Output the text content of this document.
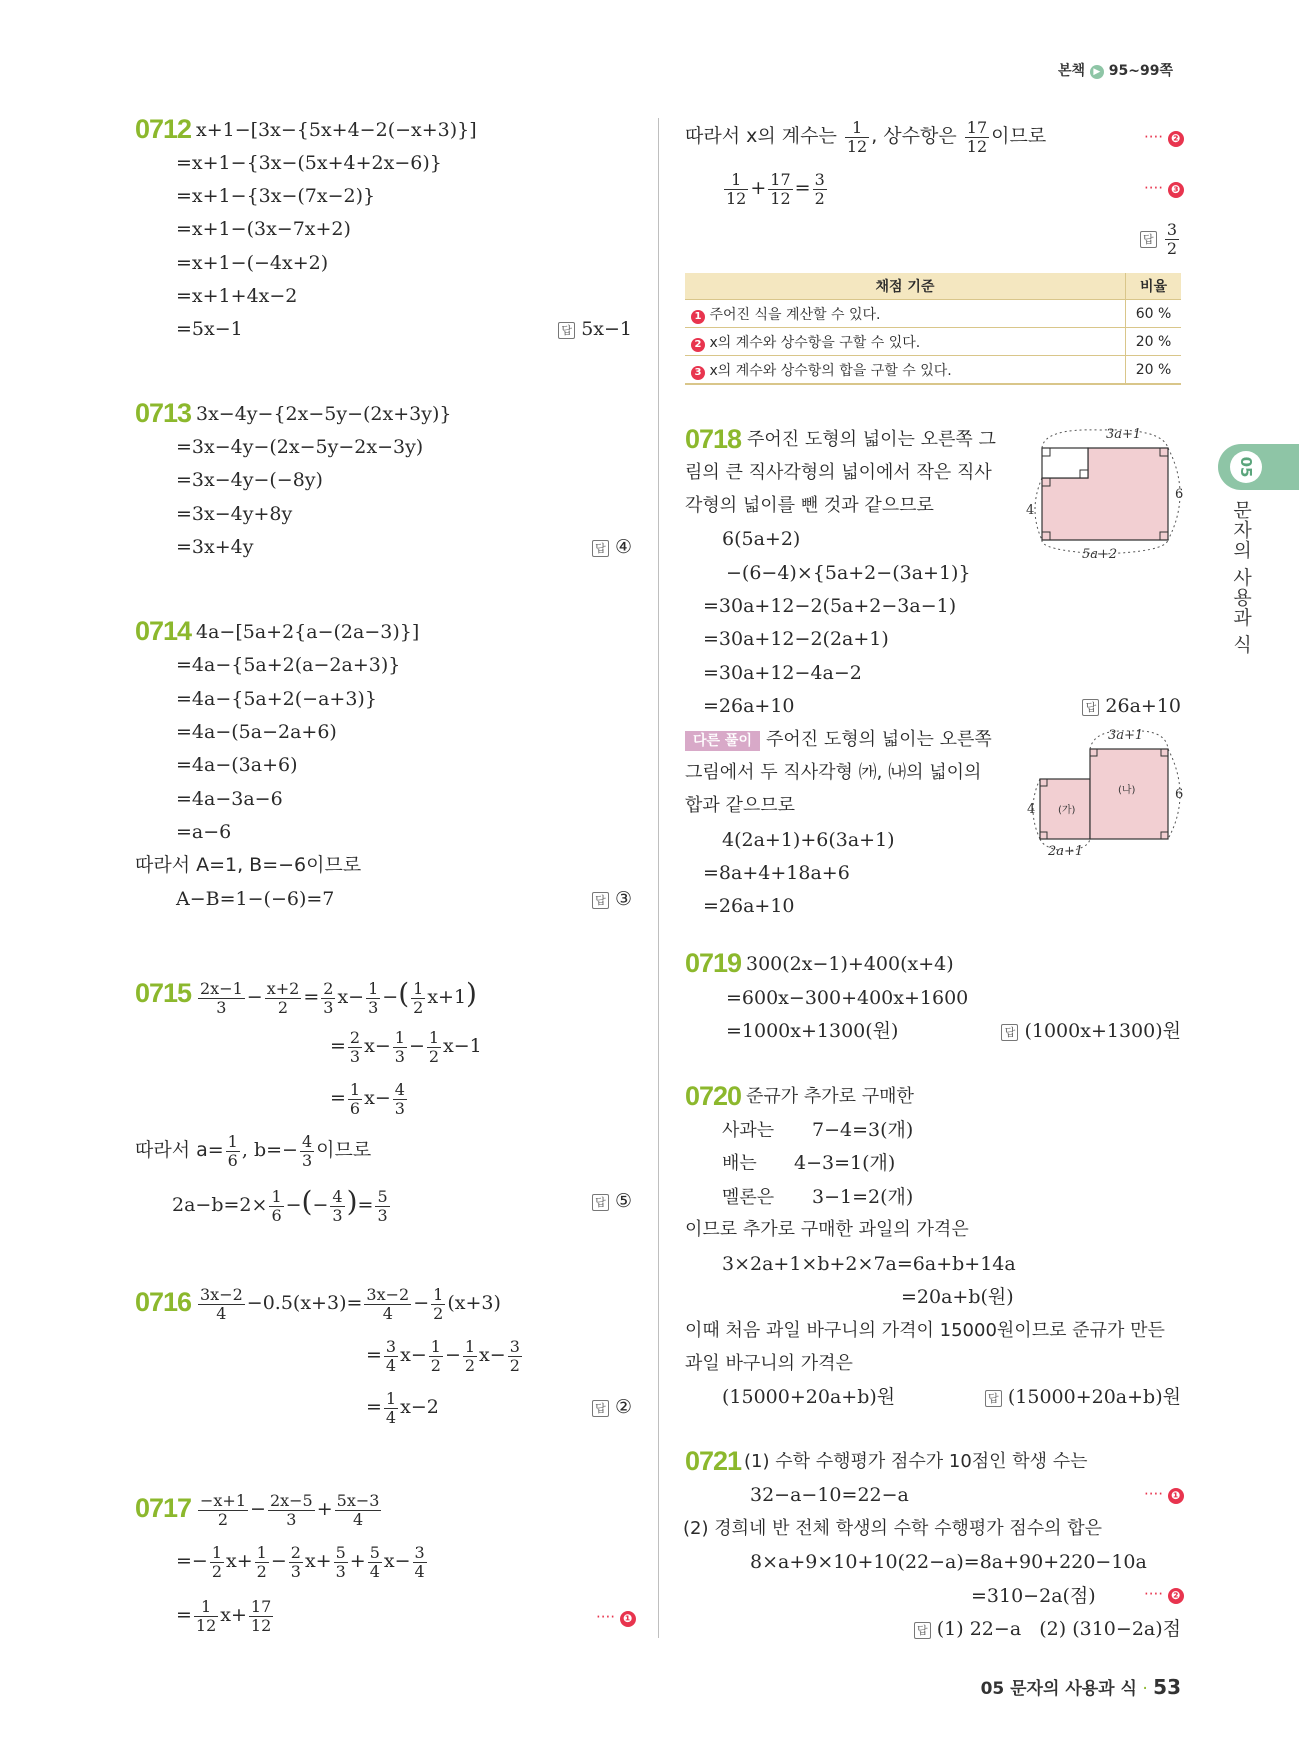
본책 ▶ 95~99쪽
05
문자의 사용과 식
0712 x+1−[3x−{5x+4−2(−x+3)}]
=x+1−{3x−(5x+4+2x−6)}
=x+1−{3x−(7x−2)}
=x+1−(3x−7x+2)
=x+1−(−4x+2)
=x+1+4x−2
=5x−1	답 5x−1
0713 3x−4y−{2x−5y−(2x+3y)}
=3x−4y−(2x−5y−2x−3y)
=3x−4y−(−8y)
=3x−4y+8y
=3x+4y	답 ④
0714 4a−[5a+2{a−(2a−3)}]
=4a−{5a+2(a−2a+3)}
=4a−{5a+2(−a+3)}
=4a−(5a−2a+6)
=4a−(3a+6)
=4a−3a−6
=a−6
따라서 A=1, B=−6이므로
A−B=1−(−6)=7	답 ③
$0715 \frac{2x-1}{3} - \frac{x+2}{2} = \frac{2}{3} x- \frac{1}{3}$ −( $\frac{1}{2} x+1$)
= $\frac{2}{3} x- \frac{1}{3} - \frac{1}{2} x-1$
= $\frac{1}{6} x- \frac{4}{3}$
따라서 $a= \frac{1}{6}$ , $b=- \frac{4}{3}$ 이므로
$2a-b=2\times \frac{1}{6}$ −(− $\frac{4}{3}$ )= $\frac{5}{3}$	답 ⑤
$0716 \frac{3x-2}{4} -0.5(x+3)= \frac{3x-2}{4} - \frac{1}{2} (x+3)$
= $\frac{3}{4} x- \frac{1}{2} - \frac{1}{2} x- \frac{3}{2}$
= $\frac{1}{4} x-2$	답 ②
$0717 \frac{-x+1}{2} - \frac{2x-5}{3} + \frac{5x-3}{4}$
=− $\frac{1}{2} x+ \frac{1}{2} - \frac{2}{3} x+ \frac{5}{3} + \frac{5}{4} x- \frac{3}{4}$
= $\frac{1}{12} x+ \frac{17}{12}$	···· ❶
따라서 x의 계수는 $\frac{1}{12}$ , 상수항은 $\frac{17}{12}$ 이므로	···· ❷
$\frac{1}{12} + \frac{17}{12} = \frac{3}{2}$	···· ❸
답 $\frac{3}{2}$
채점 기준	비율
1 주어진 식을 계산할 수 있다.	60 %
2 x의 계수와 상수항을 구할 수 있다.	20 %
3 x의 계수와 상수항의 합을 구할 수 있다.	20 %
0718 주어진 도형의 넓이는 오른쪽 그
림의 큰 직사각형의 넓이에서 작은 직사
각형의 넓이를 뺀 것과 같으므로
6(5a+2)
−(6−4)×{5a+2−(3a+1)}
=30a+12−2(5a+2−3a−1)
=30a+12−2(2a+1)
=30a+12−4a−2
=26a+10	답 26a+10
3a+1
6
4
5a+2
다른 풀이 주어진 도형의 넓이는 오른쪽
그림에서 두 직사각형 ㈎, ㈏의 넓이의
합과 같으므로
4(2a+1)+6(3a+1)
=8a+4+18a+6
=26a+10
(가)
(나)
3a+1
6
4
2a+1
0719 300(2x−1)+400(x+4)
=600x−300+400x+1600
=1000x+1300(원)	답 (1000x+1300)원
0720 준규가 추가로 구매한
사과는 7−4=3(개)
배는 4−3=1(개)
멜론은 3−1=2(개)
이므로 추가로 구매한 과일의 가격은
3×2a+1×b+2×7a=6a+b+14a
=20a+b(원)
이때 처음 과일 바구니의 가격이 15000원이므로 준규가 만든
과일 바구니의 가격은
(15000+20a+b)원	답 (15000+20a+b)원
0721 (1) 수학 수행평가 점수가 10점인 학생 수는
32−a−10=22−a	···· ❶
(2) 경희네 반 전체 학생의 수학 수행평가 점수의 합은
8×a+9×10+10(22−a)=8a+90+220−10a
=310−2a(점)	···· ❷
답 (1) 22−a   (2) (310−2a)점
05 문자의 사용과 식 · 53
